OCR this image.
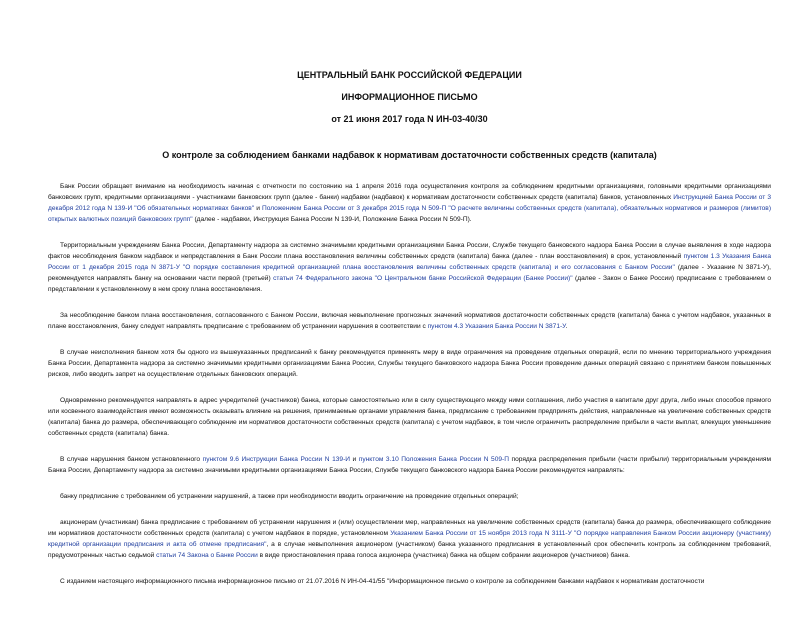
ЦЕНТРАЛЬНЫЙ БАНК РОССИЙСКОЙ ФЕДЕРАЦИИ
ИНФОРМАЦИОННОЕ ПИСЬМО
от 21 июня 2017 года N ИН-03-40/30
О контроле за соблюдением банками надбавок к нормативам достаточности собственных средств (капитала)

Банк России обращает внимание на необходимость начиная с отчетности по состоянию на 1 апреля 2016 года осуществления контроля за соблюдением кредитными организациями, головными кредитными организациями банковских групп, кредитными организациями - участниками банковских групп (далее - банки) надбавки (надбавок) к нормативам достаточности собственных средств (капитала) банков, установленных Инструкцией Банка России от 3 декабря 2012 года N 139-И "Об обязательных нормативах банков" и Положением Банка России от 3 декабря 2015 года N 509-П "О расчете величины собственных средств (капитала), обязательных нормативов и размеров (лимитов) открытых валютных позиций банковских групп" (далее - надбавки, Инструкция Банка России N 139-И, Положение Банка России N 509-П).

Территориальным учреждениям Банка России, Департаменту надзора за системно значимыми кредитными организациями Банка России, Службе текущего банковского надзора Банка России в случае выявления в ходе надзора фактов несоблюдения банком надбавок и непредставления в Банк России плана восстановления величины собственных средств (капитала) банка (далее - план восстановления) в срок, установленный пунктом 1.3 Указания Банка России от 1 декабря 2015 года N 3871-У "О порядке составления кредитной организацией плана восстановления величины собственных средств (капитала) и его согласования с Банком России" (далее - Указание N 3871-У), рекомендуется направлять банку на основании части первой (третьей) статьи 74 Федерального закона "О Центральном банке Российской Федерации (Банке России)" (далее - Закон о Банке России) предписание с требованием о представлении к установленному в нем сроку плана восстановления.

За несоблюдение банком плана восстановления, согласованного с Банком России, включая невыполнение прогнозных значений нормативов достаточности собственных средств (капитала) банка с учетом надбавок, указанных в плане восстановления, банку следует направлять предписание с требованием об устранении нарушения в соответствии с пунктом 4.3 Указания Банка России N 3871-У.

В случае неисполнения банком хотя бы одного из вышеуказанных предписаний к банку рекомендуется применять меру в виде ограничения на проведение отдельных операций, если по мнению территориального учреждения Банка России, Департамента надзора за системно значимыми кредитными организациями Банка России, Службы текущего банковского надзора Банка России проведение данных операций связано с принятием банком повышенных рисков, либо вводить запрет на осуществление отдельных банковских операций.

Одновременно рекомендуется направлять в адрес учредителей (участников) банка, которые самостоятельно или в силу существующего между ними соглашения, либо участия в капитале друг друга, либо иных способов прямого или косвенного взаимодействия имеют возможность оказывать влияние на решения, принимаемые органами управления банка, предписание с требованием предпринять действия, направленные на увеличение собственных средств (капитала) банка до размера, обеспечивающего соблюдение им нормативов достаточности собственных средств (капитала) с учетом надбавок, в том числе ограничить распределение прибыли в части выплат, влекущих уменьшение собственных средств (капитала) банка.

В случае нарушения банком установленного пунктом 9.6 Инструкции Банка России N 139-И и пунктом 3.10 Положения Банка России N 509-П порядка распределения прибыли (части прибыли) территориальным учреждениям Банка России, Департаменту надзора за системно значимыми кредитными организациями Банка России, Службе текущего банковского надзора Банка России рекомендуется направлять:

банку предписание с требованием об устранении нарушений, а также при необходимости вводить ограничение на проведение отдельных операций;

акционерам (участникам) банка предписание с требованием об устранении нарушения и (или) осуществлении мер, направленных на увеличение собственных средств (капитала) банка до размера, обеспечивающего соблюдение им нормативов достаточности собственных средств (капитала) с учетом надбавок в порядке, установленном Указанием Банка России от 15 ноября 2013 года N 3111-У "О порядке направления Банком России акционеру (участнику) кредитной организации предписания и акта об отмене предписания", а в случае невыполнения акционером (участником) банка указанного предписания в установленный срок обеспечить контроль за соблюдением требований, предусмотренных частью седьмой статьи 74 Закона о Банке России в виде приостановления права голоса акционера (участника) банка на общем собрании акционеров (участников) банка.

С изданием настоящего информационного письма информационное письмо от 21.07.2016 N ИН-04-41/55 "Информационное письмо о контроле за соблюдением банками надбавок к нормативам достаточности
